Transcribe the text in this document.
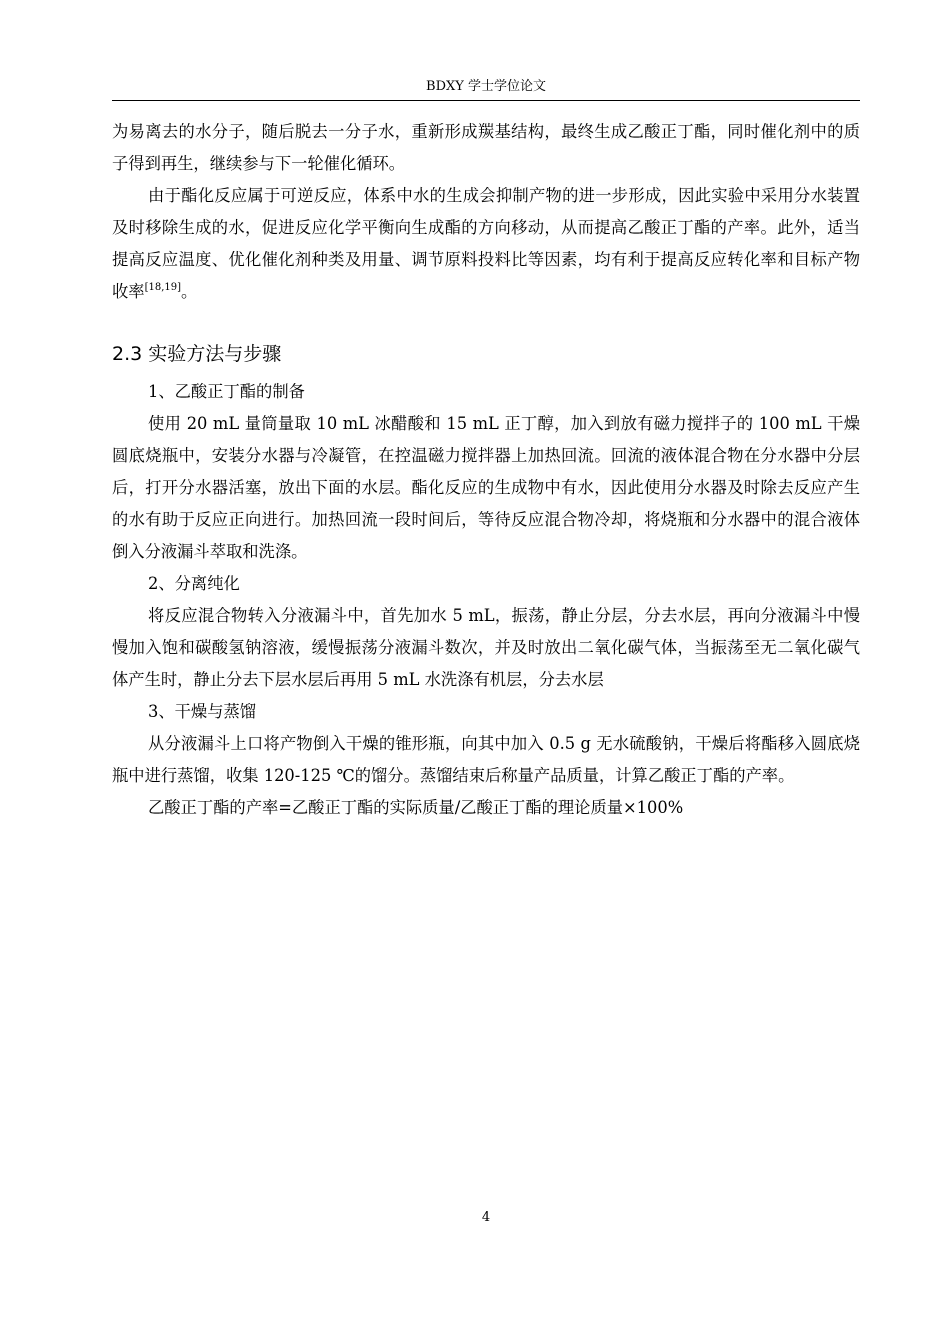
BDXY 学士学位论文

为易离去的水分子，随后脱去一分子水，重新形成羰基结构，最终生成乙酸正丁酯，同时催化剂中的质子得到再生，继续参与下一轮催化循环。

由于酯化反应属于可逆反应，体系中水的生成会抑制产物的进一步形成，因此实验中采用分水装置及时移除生成的水，促进反应化学平衡向生成酯的方向移动，从而提高乙酸正丁酯的产率。此外，适当提高反应温度、优化催化剂种类及用量、调节原料投料比等因素，均有利于提高反应转化率和目标产物收率[18,19]。

2.3 实验方法与步骤

1、乙酸正丁酯的制备

使用 20 mL 量筒量取 10 mL 冰醋酸和 15 mL 正丁醇，加入到放有磁力搅拌子的 100 mL 干燥圆底烧瓶中，安装分水器与冷凝管，在控温磁力搅拌器上加热回流。回流的液体混合物在分水器中分层后，打开分水器活塞，放出下面的水层。酯化反应的生成物中有水，因此使用分水器及时除去反应产生的水有助于反应正向进行。加热回流一段时间后，等待反应混合物冷却，将烧瓶和分水器中的混合液体倒入分液漏斗萃取和洗涤。

2、分离纯化

将反应混合物转入分液漏斗中，首先加水 5 mL，振荡，静止分层，分去水层，再向分液漏斗中慢慢加入饱和碳酸氢钠溶液，缓慢振荡分液漏斗数次，并及时放出二氧化碳气体，当振荡至无二氧化碳气体产生时，静止分去下层水层后再用 5 mL 水洗涤有机层，分去水层

3、干燥与蒸馏

从分液漏斗上口将产物倒入干燥的锥形瓶，向其中加入 0.5 g 无水硫酸钠，干燥后将酯移入圆底烧瓶中进行蒸馏，收集 120-125 ℃的馏分。蒸馏结束后称量产品质量，计算乙酸正丁酯的产率。

乙酸正丁酯的产率=乙酸正丁酯的实际质量/乙酸正丁酯的理论质量×100%

4
